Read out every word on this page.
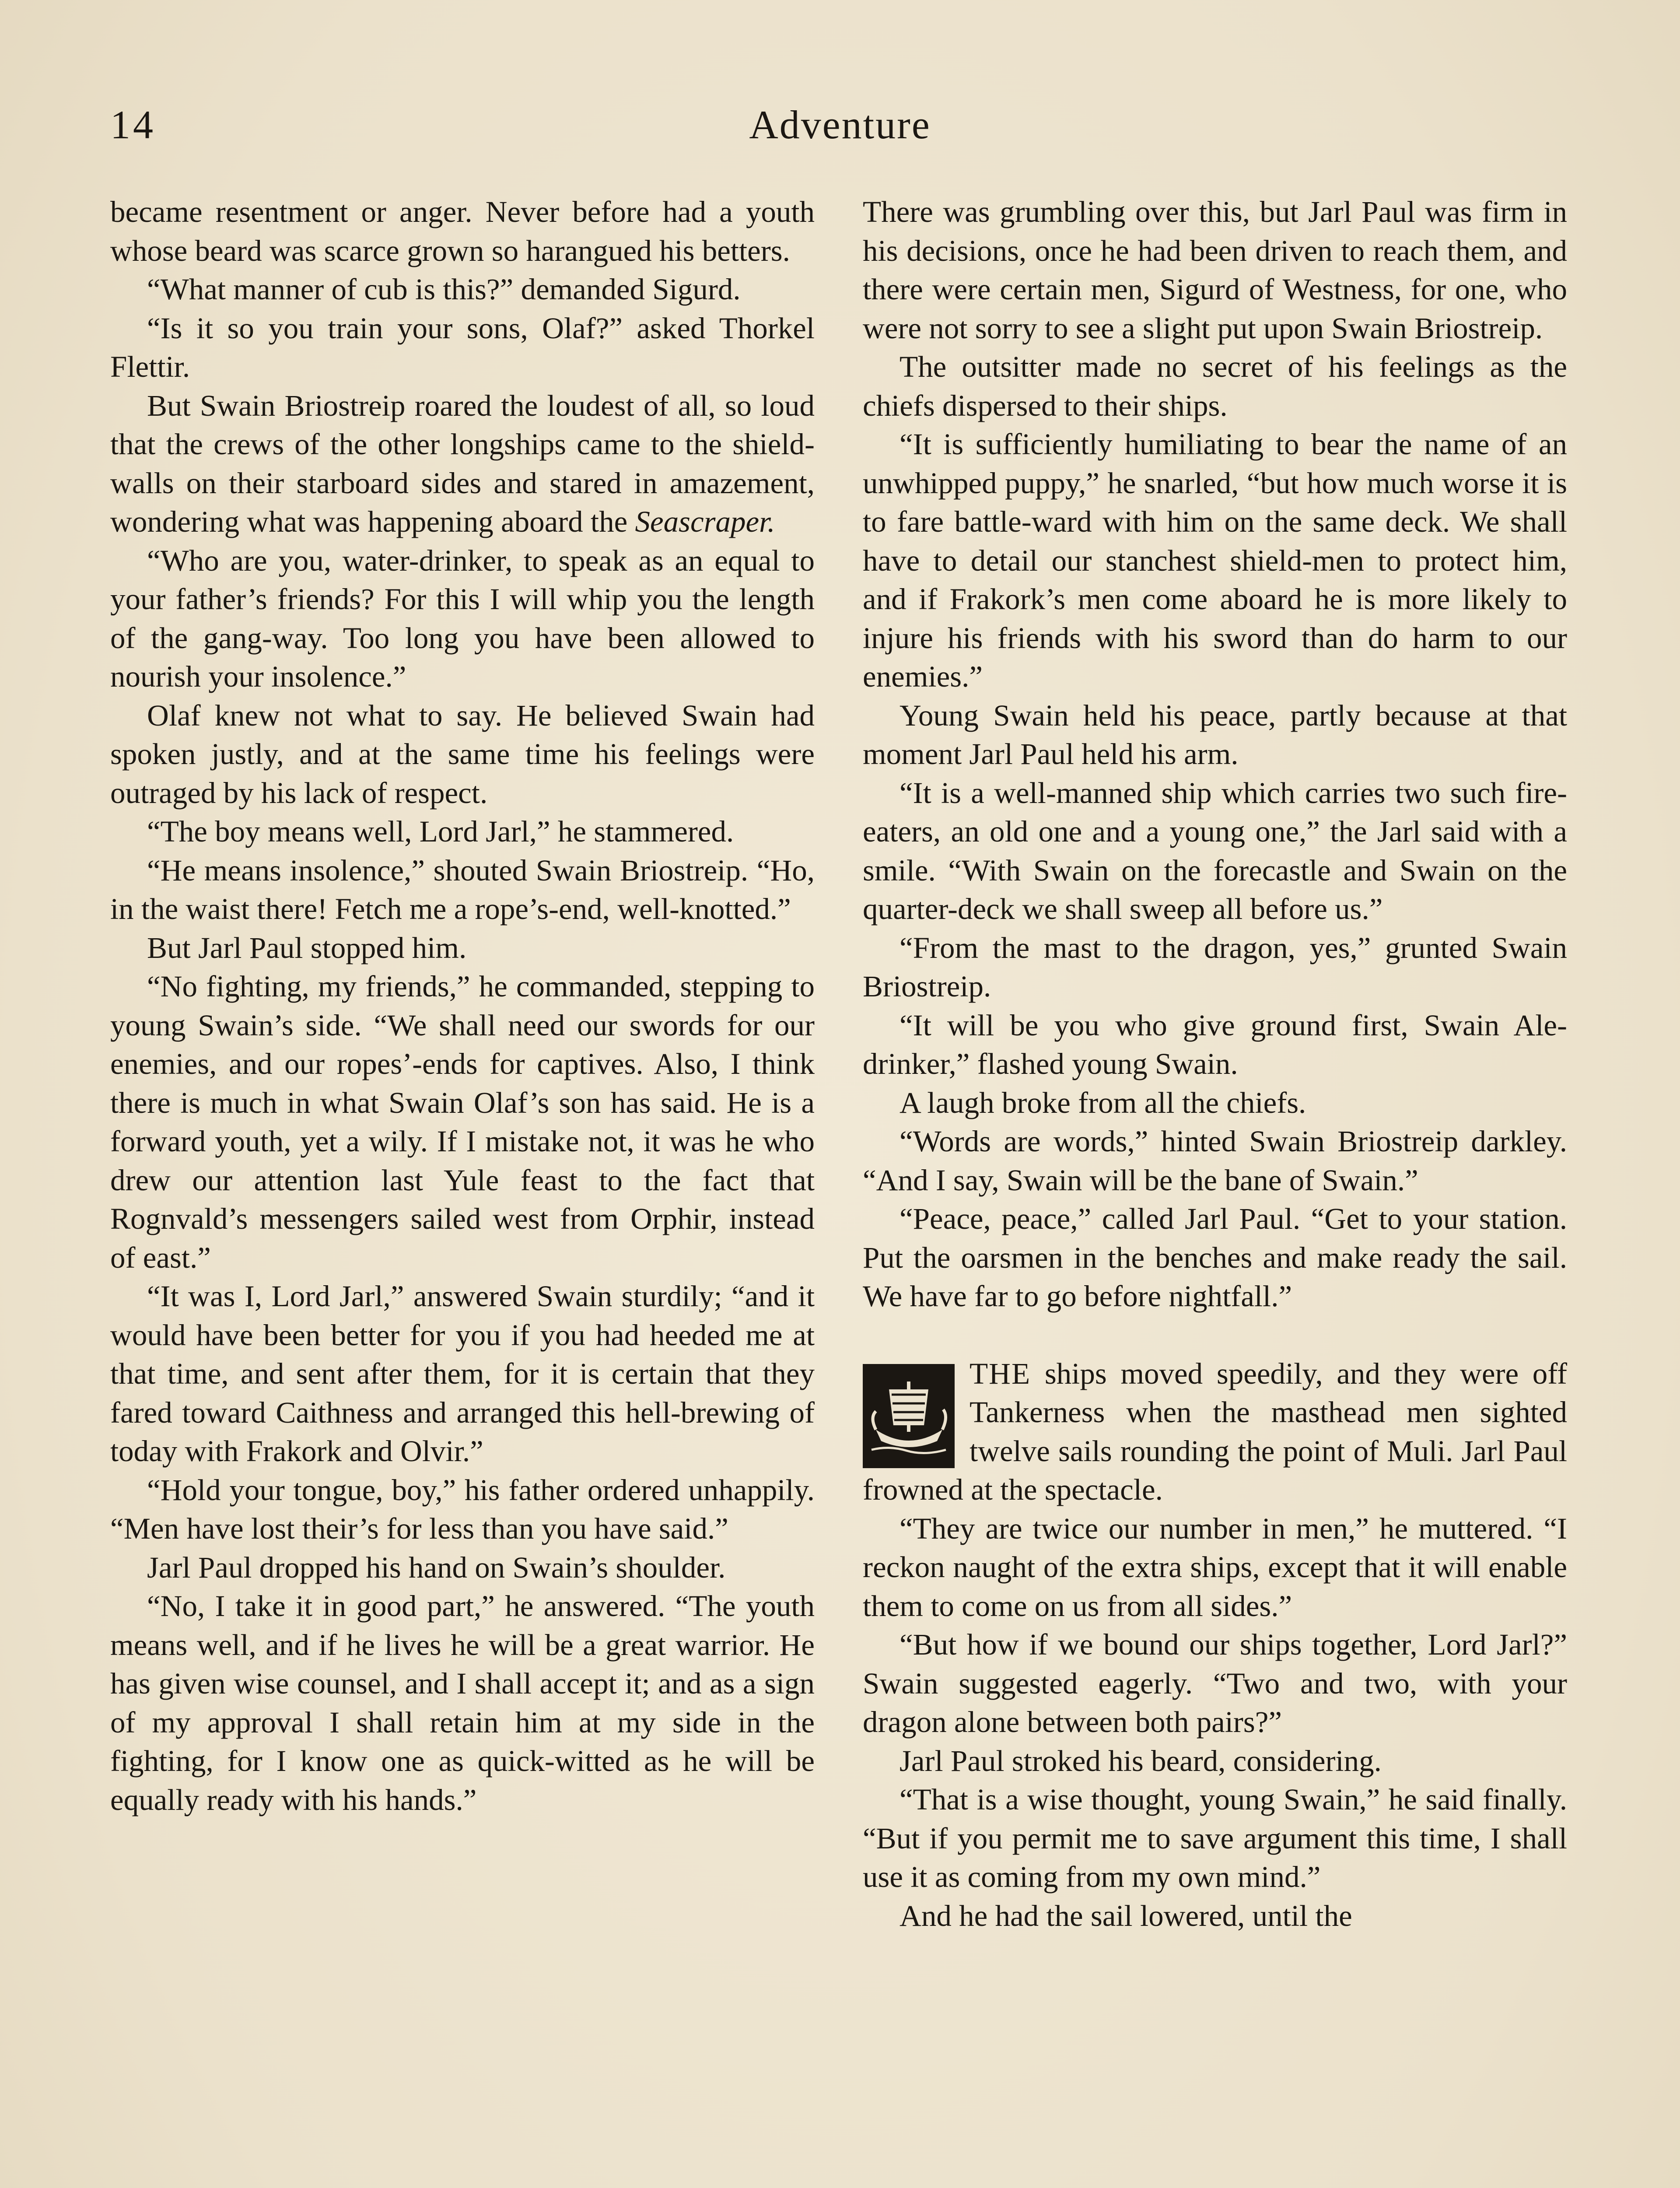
14	Adventure

became resentment or anger. Never before had a youth whose beard was scarce grown so harangued his betters.

“What manner of cub is this?” demanded Sigurd.

“Is it so you train your sons, Olaf?” asked Thorkel Flettir.

But Swain Briostreip roared the loudest of all, so loud that the crews of the other longships came to the shield-walls on their starboard sides and stared in amazement, wondering what was happening aboard the Seascraper.

“Who are you, water-drinker, to speak as an equal to your father’s friends? For this I will whip you the length of the gang-way. Too long you have been allowed to nourish your insolence.”

Olaf knew not what to say. He believed Swain had spoken justly, and at the same time his feelings were outraged by his lack of respect.

“The boy means well, Lord Jarl,” he stammered.

“He means insolence,” shouted Swain Briostreip. “Ho, in the waist there! Fetch me a rope’s-end, well-knotted.”

But Jarl Paul stopped him.

“No fighting, my friends,” he commanded, stepping to young Swain’s side. “We shall need our swords for our enemies, and our ropes’-ends for captives. Also, I think there is much in what Swain Olaf’s son has said. He is a forward youth, yet a wily. If I mistake not, it was he who drew our attention last Yule feast to the fact that Rognvald’s messengers sailed west from Orphir, instead of east.”

“It was I, Lord Jarl,” answered Swain sturdily; “and it would have been better for you if you had heeded me at that time, and sent after them, for it is certain that they fared toward Caithness and arranged this hell-brewing of today with Frakork and Olvir.”

“Hold your tongue, boy,” his father ordered unhappily. “Men have lost their’s for less than you have said.”

Jarl Paul dropped his hand on Swain’s shoulder.

“No, I take it in good part,” he answered. “The youth means well, and if he lives he will be a great warrior. He has given wise counsel, and I shall accept it; and as a sign of my approval I shall retain him at my side in the fighting, for I know one as quick-witted as he will be equally ready with his hands.”

There was grumbling over this, but Jarl Paul was firm in his decisions, once he had been driven to reach them, and there were certain men, Sigurd of Westness, for one, who were not sorry to see a slight put upon Swain Briostreip.

The outsitter made no secret of his feelings as the chiefs dispersed to their ships.

“It is sufficiently humiliating to bear the name of an unwhipped puppy,” he snarled, “but how much worse it is to fare battle-ward with him on the same deck. We shall have to detail our stanchest shield-men to protect him, and if Frakork’s men come aboard he is more likely to injure his friends with his sword than do harm to our enemies.”

Young Swain held his peace, partly because at that moment Jarl Paul held his arm.

“It is a well-manned ship which carries two such fire-eaters, an old one and a young one,” the Jarl said with a smile. “With Swain on the forecastle and Swain on the quarter-deck we shall sweep all before us.”

“From the mast to the dragon, yes,” grunted Swain Briostreip.

“It will be you who give ground first, Swain Ale-drinker,” flashed young Swain.

A laugh broke from all the chiefs.

“Words are words,” hinted Swain Briostreip darkley. “And I say, Swain will be the bane of Swain.”

“Peace, peace,” called Jarl Paul. “Get to your station. Put the oarsmen in the benches and make ready the sail. We have far to go before nightfall.”

THE ships moved speedily, and they were off Tankerness when the masthead men sighted twelve sails rounding the point of Muli. Jarl Paul frowned at the spectacle.

“They are twice our number in men,” he muttered. “I reckon naught of the extra ships, except that it will enable them to come on us from all sides.”

“But how if we bound our ships together, Lord Jarl?” Swain suggested eagerly. “Two and two, with your dragon alone between both pairs?”

Jarl Paul stroked his beard, considering.

“That is a wise thought, young Swain,” he said finally. “But if you permit me to save argument this time, I shall use it as coming from my own mind.”

And he had the sail lowered, until the
